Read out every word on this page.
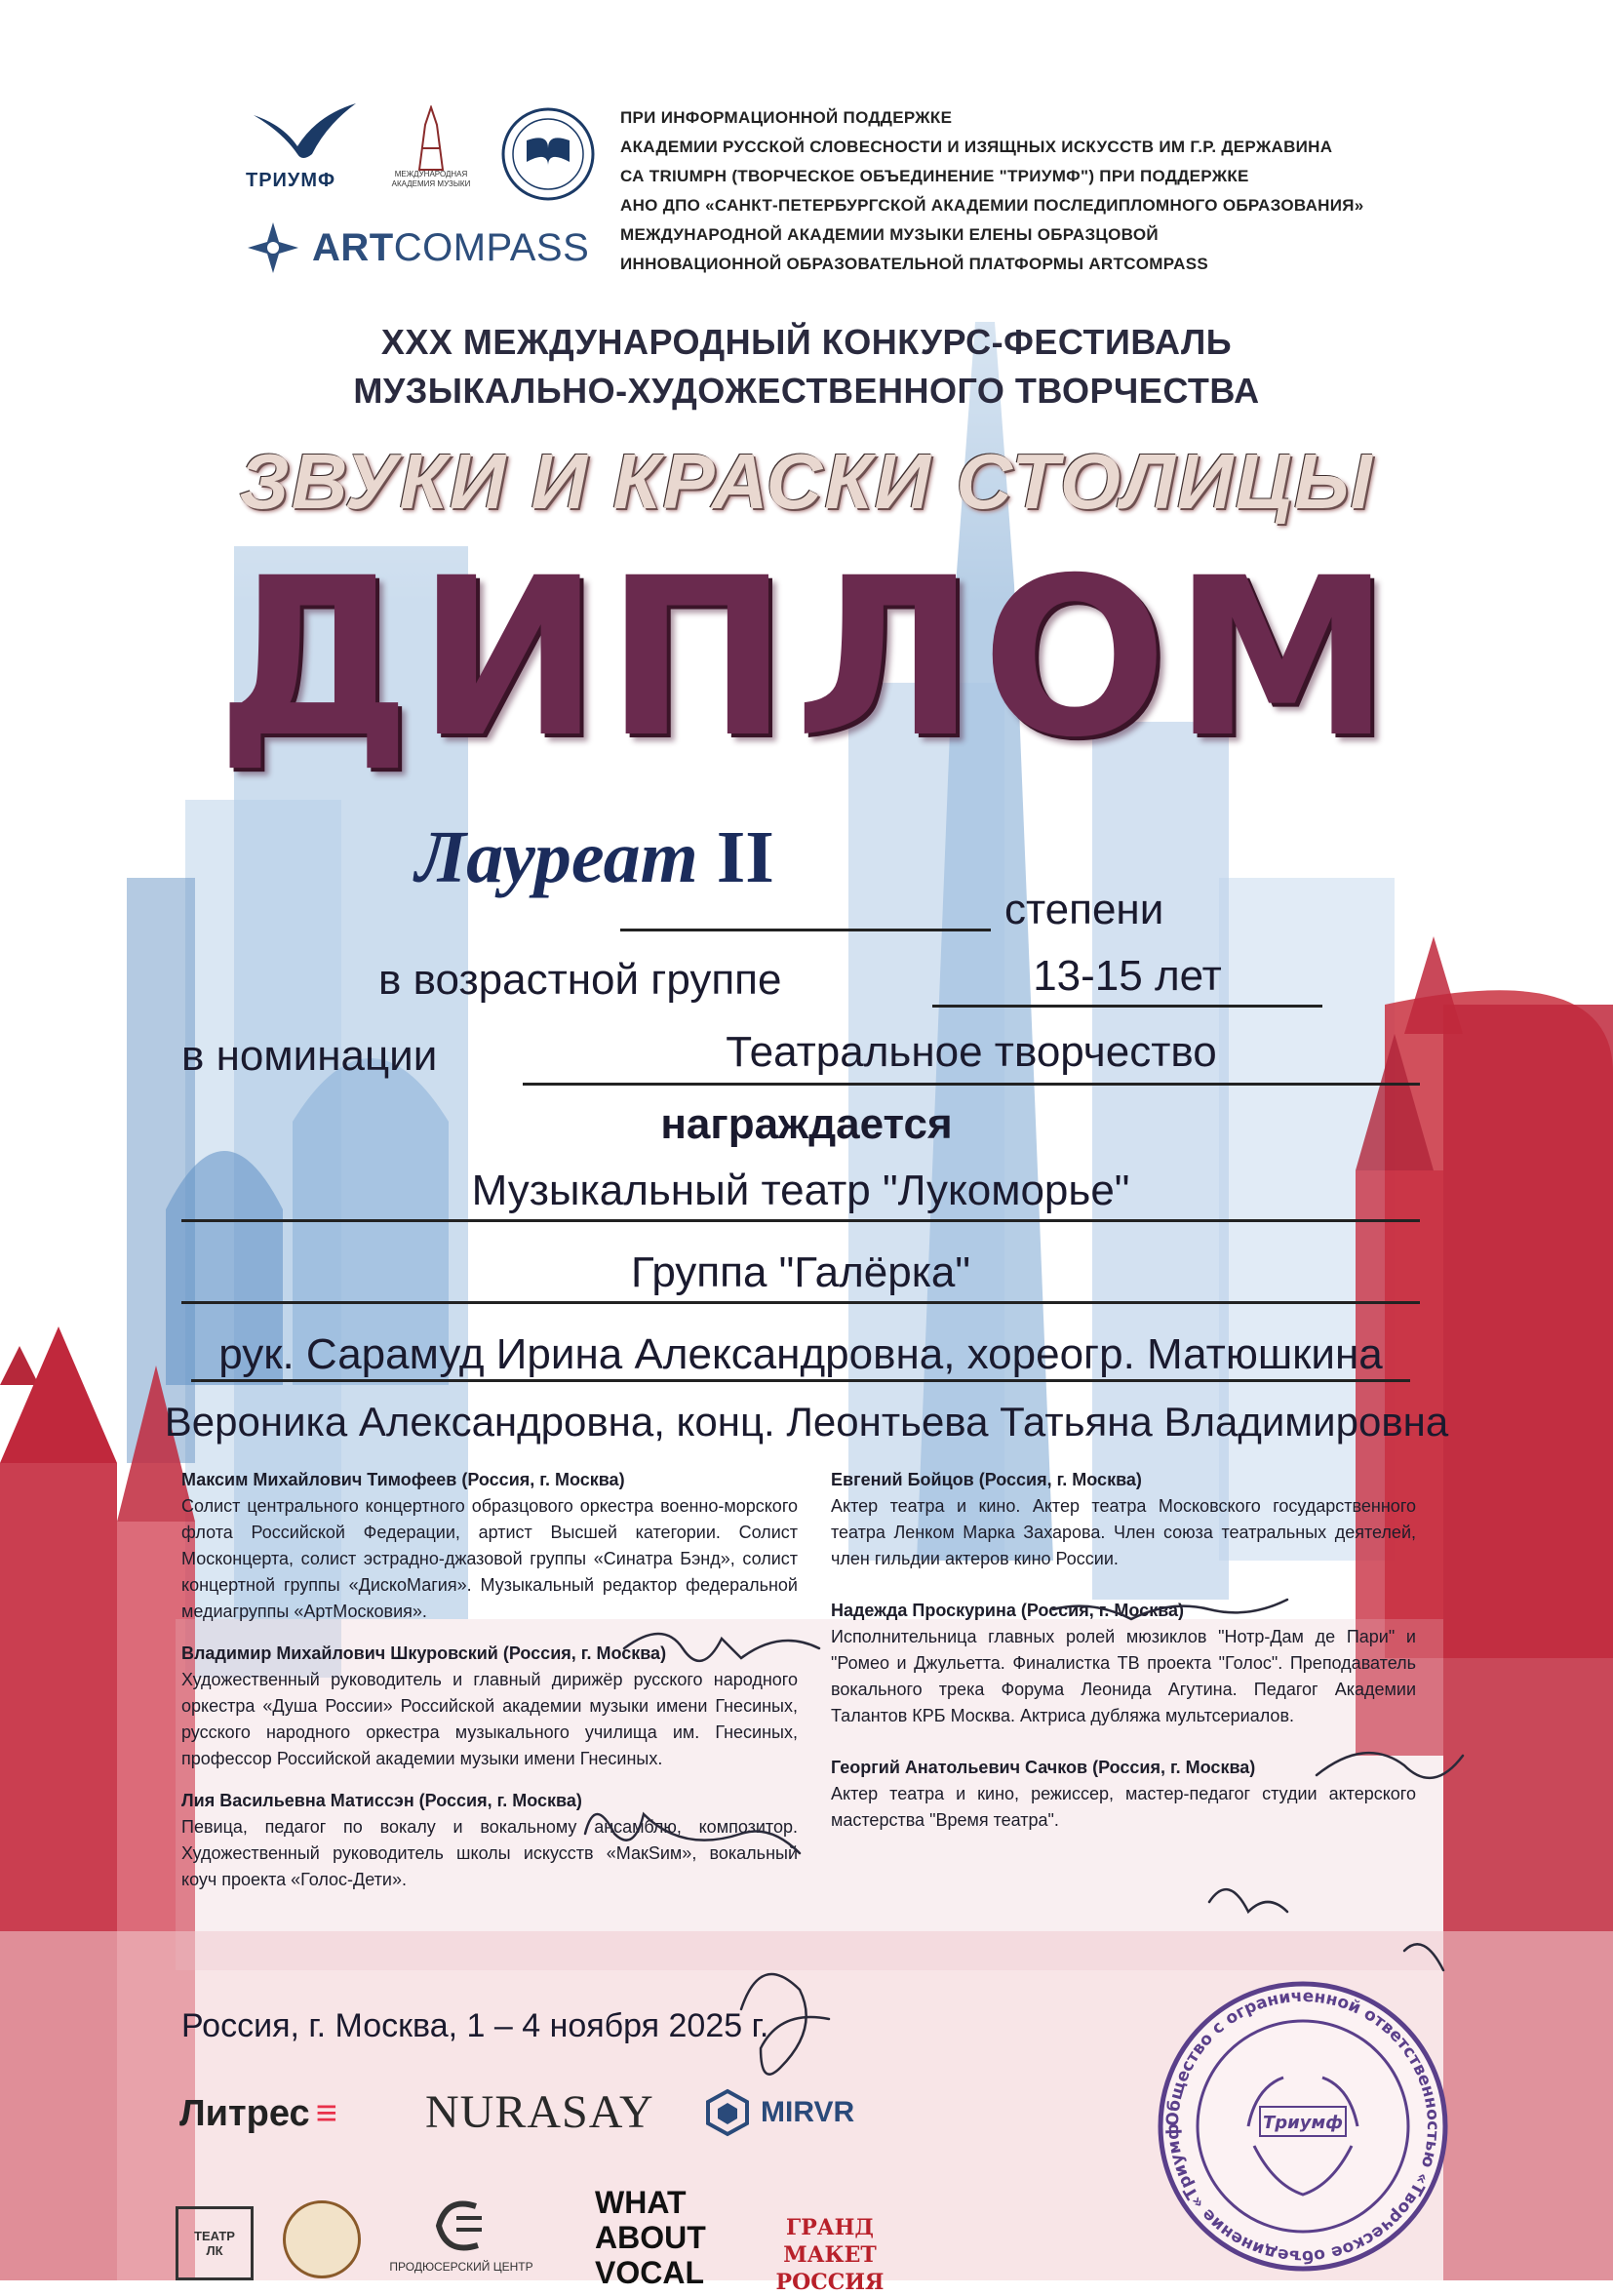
ТРИУМФ	МЕЖДУНАРОДНАЯ АКАДЕМИЯ МУЗЫКИ
ARTCOMPASS
ПРИ ИНФОРМАЦИОННОЙ ПОДДЕРЖКЕ
АКАДЕМИИ РУССКОЙ СЛОВЕСНОСТИ И ИЗЯЩНЫХ ИСКУССТВ ИМ Г.Р. ДЕРЖАВИНА
СА TRIUMPH (ТВОРЧЕСКОЕ ОБЪЕДИНЕНИЕ "ТРИУМФ") ПРИ ПОДДЕРЖКЕ
АНО ДПО «САНКТ-ПЕТЕРБУРГСКОЙ АКАДЕМИИ ПОСЛЕДИПЛОМНОГО ОБРАЗОВАНИЯ»
МЕЖДУНАРОДНОЙ АКАДЕМИИ МУЗЫКИ ЕЛЕНЫ ОБРАЗЦОВОЙ
ИННОВАЦИОННОЙ ОБРАЗОВАТЕЛЬНОЙ ПЛАТФОРМЫ ARTCOMPASS
XXX МЕЖДУНАРОДНЫЙ КОНКУРС-ФЕСТИВАЛЬ
МУЗЫКАЛЬНО-ХУДОЖЕСТВЕННОГО ТВОРЧЕСТВА
ЗВУКИ И КРАСКИ СТОЛИЦЫ
ДИПЛОМ
Лауреат II
степени
в возрастной группе	13-15 лет
в номинации	Театральное творчество
награждается
Музыкальный театр "Лукоморье"
Группа "Галёрка"
рук. Сарамуд Ирина Александровна, хореогр. Матюшкина
Вероника Александровна, конц. Леонтьева Татьяна Владимировна
Максим Михайлович Тимофеев (Россия, г. Москва)
Солист центрального концертного образцового оркестра военно-морского флота Российской Федерации, артист Высшей категории. Солист Москонцерта, солист эстрадно-джазовой группы «Синатра Бэнд», солист концертной группы «ДискоМагия». Музыкальный редактор федеральной медиагруппы «АртМосковия».
Владимир Михайлович Шкуровский (Россия, г. Москва)
Художественный руководитель и главный дирижёр русского народного оркестра «Душа России» Российской академии музыки имени Гнесиных, русского народного оркестра музыкального училища им. Гнесиных, профессор Российской академии музыки имени Гнесиных.
Лия Васильевна Матиссэн (Россия, г. Москва)
Певица, педагог по вокалу и вокальному ансамблю, композитор. Художественный руководитель школы искусств «МакSим», вокальный коуч проекта «Голос-Дети».
Евгений Бойцов (Россия, г. Москва)
Актер театра и кино. Актер театра Московского государственного театра Ленком Марка Захарова. Член союза театральных деятелей, член гильдии актеров кино России.
Надежда Проскурина (Россия, г. Москва)
Исполнительница главных ролей мюзиклов "Нотр-Дам де Пари" и "Ромео и Джульетта. Финалистка ТВ проекта "Голос". Преподаватель вокального трека Форума Леонида Агутина. Педагог Академии Талантов КРБ Москва. Актриса дубляжа мультсериалов.
Георгий Анатольевич Сачков (Россия, г. Москва)
Актер театра и кино, режиссер, мастер-педагог студии актерского мастерства "Время театра".
Общество с ограниченной ответственностью «Творческое объединение «Триумф	Триумф
Россия, г. Москва, 1 – 4 ноября 2025 г.
Литрес ≡ NURASAY	MIRVR
ТЕАТР ЛК
ПРОДЮСЕРСКИЙ ЦЕНТР
WHAT ABOUT VOCAL
ГРАНД МАКЕТ РОССИЯ
